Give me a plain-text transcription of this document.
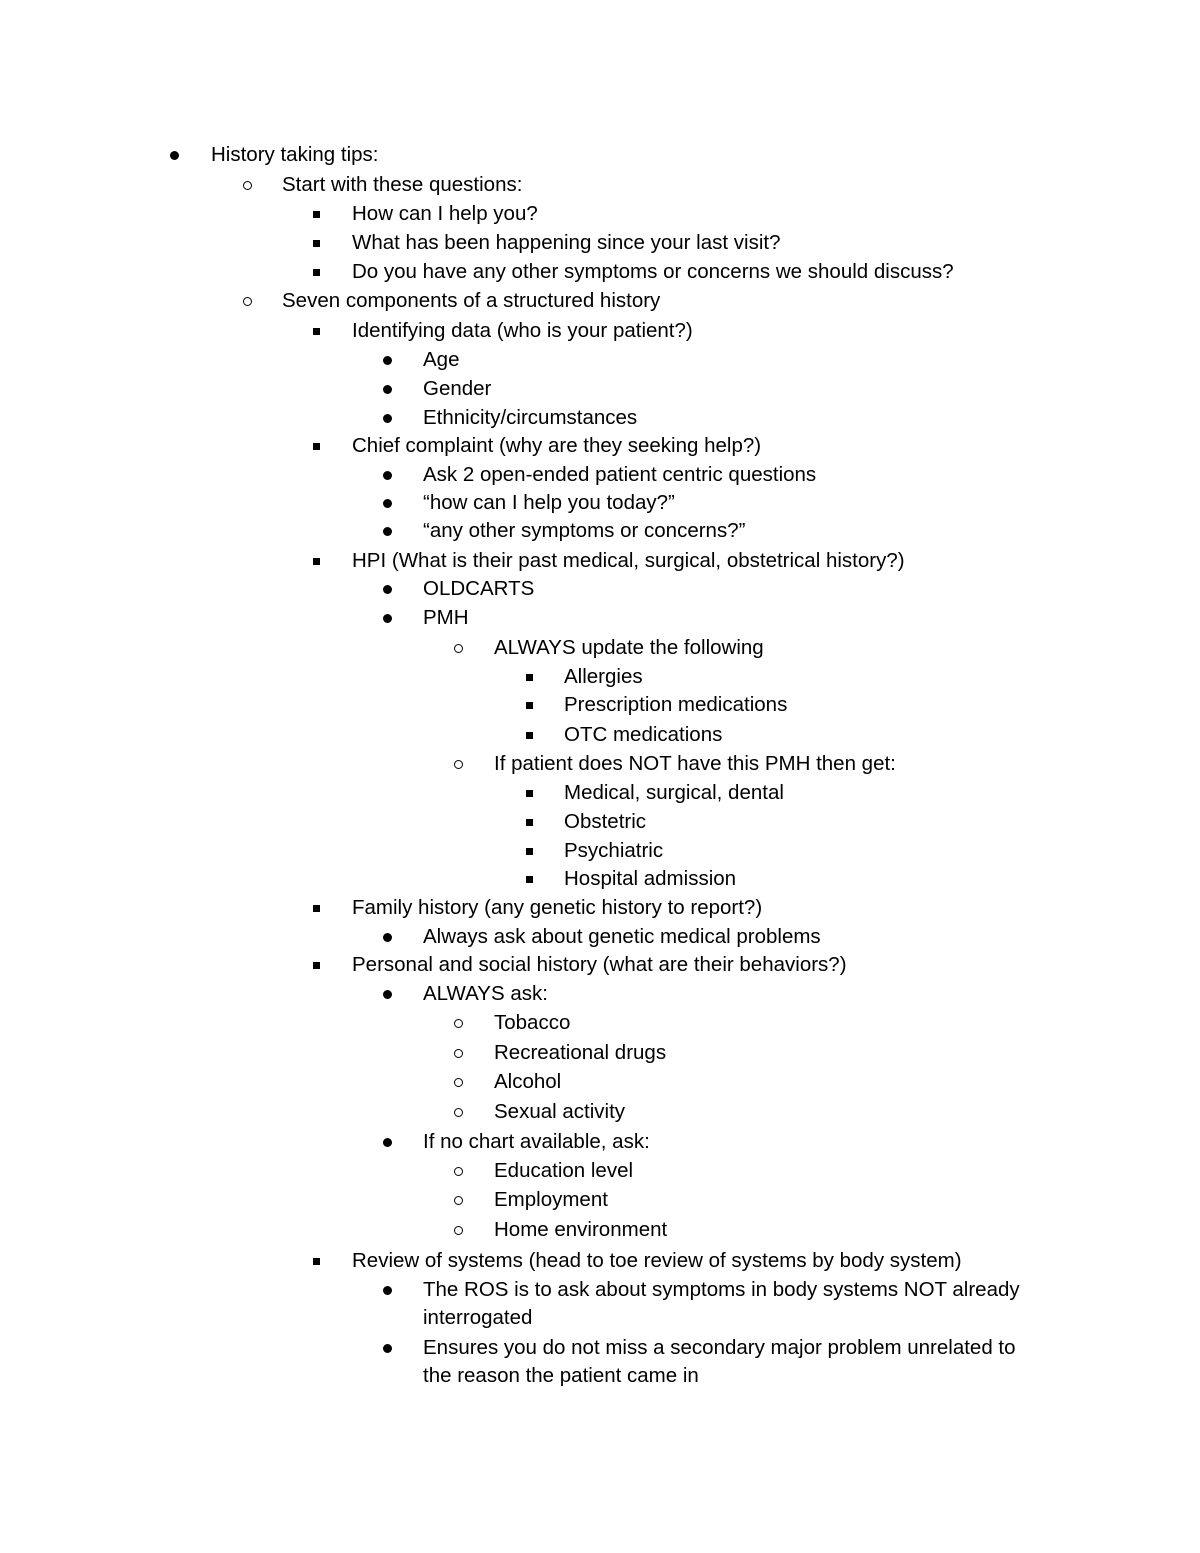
History taking tips:
Start with these questions:
How can I help you?
What has been happening since your last visit?
Do you have any other symptoms or concerns we should discuss?
Seven components of a structured history
Identifying data (who is your patient?)
Age
Gender
Ethnicity/circumstances
Chief complaint (why are they seeking help?)
Ask 2 open-ended patient centric questions
“how can I help you today?”
“any other symptoms or concerns?”
HPI (What is their past medical, surgical, obstetrical history?)
OLDCARTS
PMH
ALWAYS update the following
Allergies
Prescription medications
OTC medications
If patient does NOT have this PMH then get:
Medical, surgical, dental
Obstetric
Psychiatric
Hospital admission
Family history (any genetic history to report?)
Always ask about genetic medical problems
Personal and social history (what are their behaviors?)
ALWAYS ask:
Tobacco
Recreational drugs
Alcohol
Sexual activity
If no chart available, ask:
Education level
Employment
Home environment
Review of systems (head to toe review of systems by body system)
The ROS is to ask about symptoms in body systems NOT already
interrogated
Ensures you do not miss a secondary major problem unrelated to
the reason the patient came in
